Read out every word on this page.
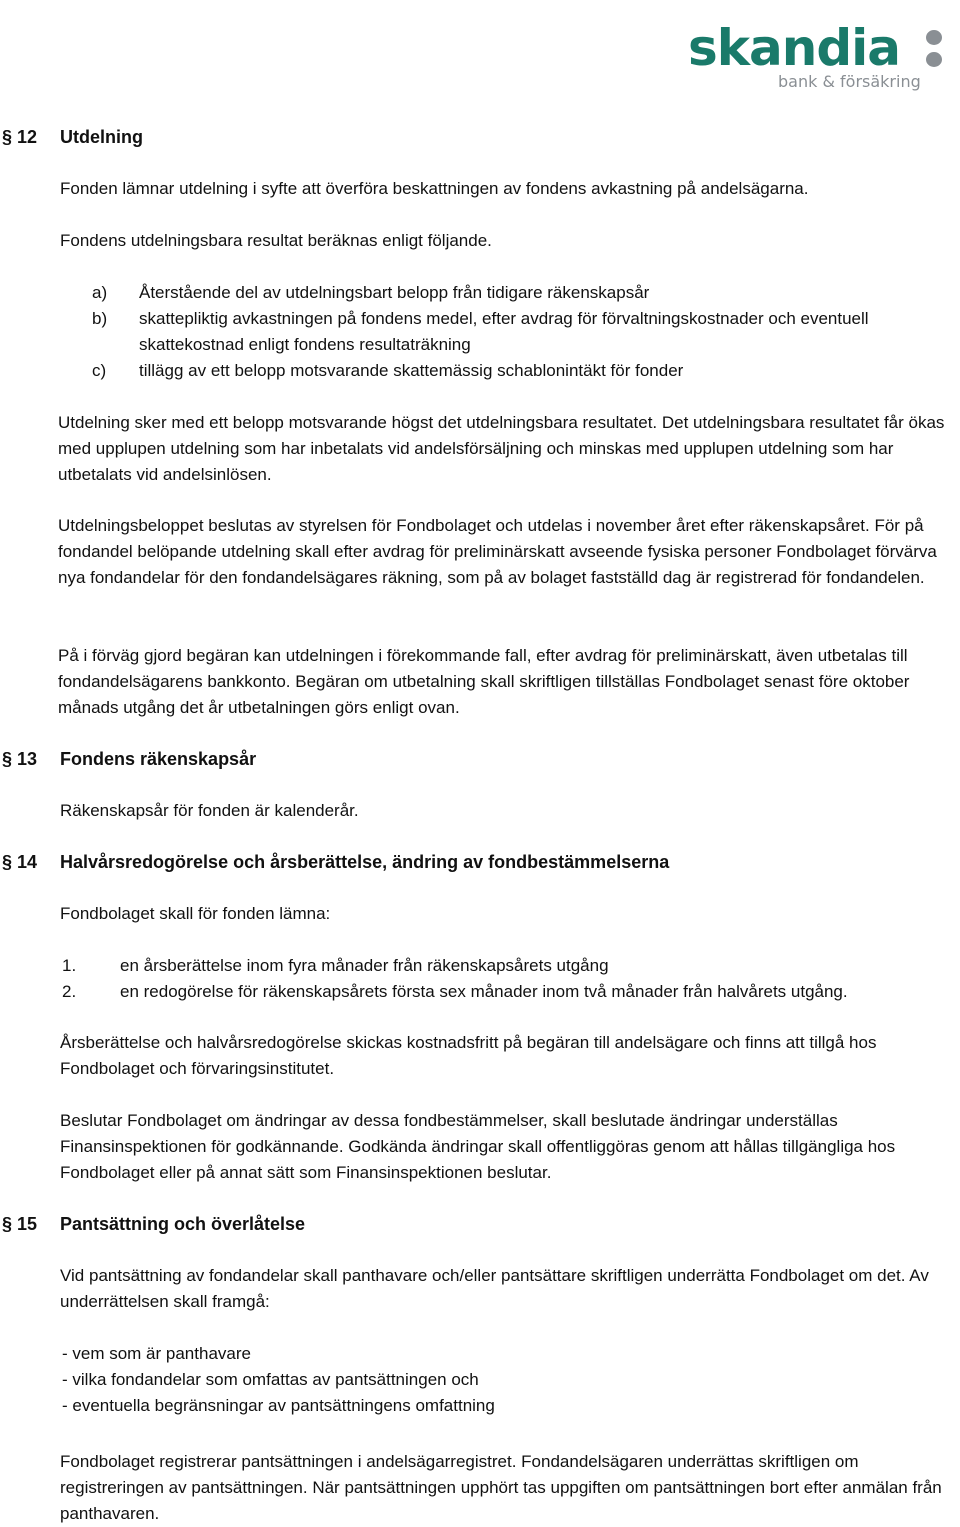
skandia
bank & försäkring
§ 12 Utdelning

Fonden lämnar utdelning i syfte att överföra beskattningen av fondens avkastning på andelsägarna.

Fondens utdelningsbara resultat beräknas enligt följande.

a) Återstående del av utdelningsbart belopp från tidigare räkenskapsår
b) skattepliktig avkastningen på fondens medel, efter avdrag för förvaltningskostnader och eventuell skattekostnad enligt fondens resultaträkning
c) tillägg av ett belopp motsvarande skattemässig schablonintäkt för fonder

Utdelning sker med ett belopp motsvarande högst det utdelningsbara resultatet. Det utdelningsbara resultatet får ökas med upplupen utdelning som har inbetalats vid andelsförsäljning och minskas med upplupen utdelning som har utbetalats vid andelsinlösen.

Utdelningsbeloppet beslutas av styrelsen för Fondbolaget och utdelas i november året efter räkenskapsåret. För på fondandel belöpande utdelning skall efter avdrag för preliminärskatt avseende fysiska personer Fondbolaget förvärva nya fondandelar för den fondandelsägares räkning, som på av bolaget fastställd dag är registrerad för fondandelen.

På i förväg gjord begäran kan utdelningen i förekommande fall, efter avdrag för preliminärskatt, även utbetalas till fondandelsägarens bankkonto. Begäran om utbetalning skall skriftligen tillställas Fondbolaget senast före oktober månads utgång det år utbetalningen görs enligt ovan.

§ 13 Fondens räkenskapsår

Räkenskapsår för fonden är kalenderår.

§ 14 Halvårsredogörelse och årsberättelse, ändring av fondbestämmelserna

Fondbolaget skall för fonden lämna:

1.	en årsberättelse inom fyra månader från räkenskapsårets utgång
2.	en redogörelse för räkenskapsårets första sex månader inom två månader från halvårets utgång.

Årsberättelse och halvårsredogörelse skickas kostnadsfritt på begäran till andelsägare och finns att tillgå hos Fondbolaget och förvaringsinstitutet.

Beslutar Fondbolaget om ändringar av dessa fondbestämmelser, skall beslutade ändringar underställas Finansinspektionen för godkännande. Godkända ändringar skall offentliggöras genom att hållas tillgängliga hos Fondbolaget eller på annat sätt som Finansinspektionen beslutar.

§ 15 Pantsättning och överlåtelse

Vid pantsättning av fondandelar skall panthavare och/eller pantsättare skriftligen underrätta Fondbolaget om det. Av underrättelsen skall framgå:

- vem som är panthavare
- vilka fondandelar som omfattas av pantsättningen och
- eventuella begränsningar av pantsättningens omfattning

Fondbolaget registrerar pantsättningen i andelsägarregistret. Fondandelsägaren underrättas skriftligen om registreringen av pantsättningen. När pantsättningen upphört tas uppgiften om pantsättningen bort efter anmälan från panthavaren.
